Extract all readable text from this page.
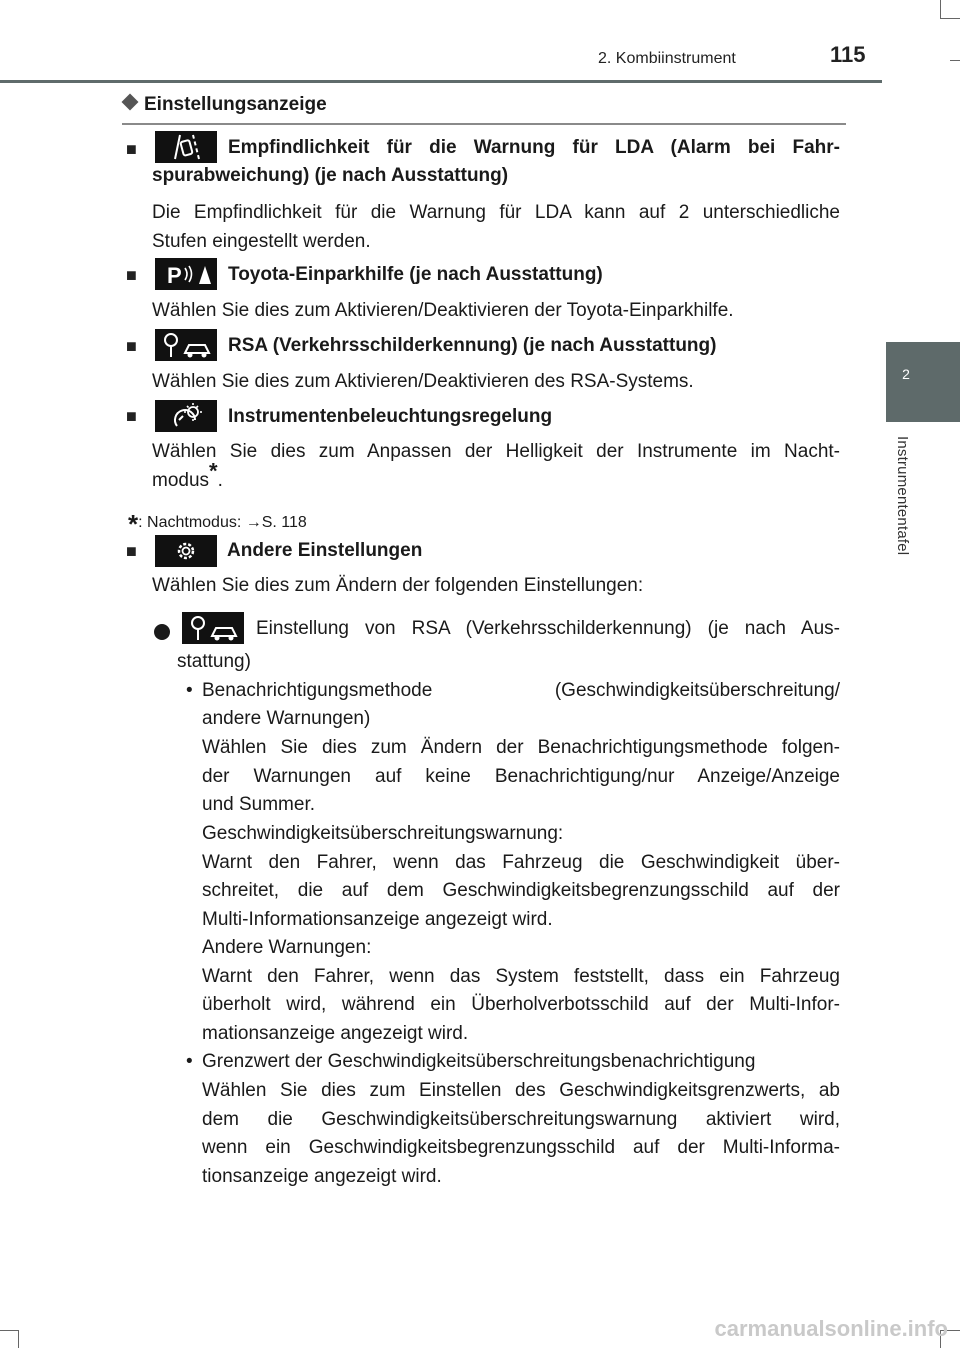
2. Kombiinstrument	115
2
Instrumententafel
Einstellungsanzeige
■	Empfindlichkeit für die Warnung für LDA (Alarm bei Fahr-
spurabweichung) (je nach Ausstattung)
Die Empfindlichkeit für die Warnung für LDA kann auf 2 unterschiedliche
Stufen eingestellt werden.
■ P Toyota-Einparkhilfe (je nach Ausstattung)
Wählen Sie dies zum Aktivieren/Deaktivieren der Toyota-Einparkhilfe.
■	RSA (Verkehrsschilderkennung) (je nach Ausstattung)
Wählen Sie dies zum Aktivieren/Deaktivieren des RSA-Systems.
■	Instrumentenbeleuchtungsregelung
Wählen Sie dies zum Anpassen der Helligkeit der Instrumente im Nacht-
modus*.
*: Nachtmodus: →S. 118
■	Andere Einstellungen
Wählen Sie dies zum Ändern der folgenden Einstellungen:
Einstellung von RSA (Verkehrsschilderkennung) (je nach Aus-
stattung)
• Benachrichtigungsmethode (Geschwindigkeitsüberschreitung/
andere Warnungen)
Wählen Sie dies zum Ändern der Benachrichtigungsmethode folgen-
der Warnungen auf keine Benachrichtigung/nur Anzeige/Anzeige
und Summer.
Geschwindigkeitsüberschreitungswarnung:
Warnt den Fahrer, wenn das Fahrzeug die Geschwindigkeit über-
schreitet, die auf dem Geschwindigkeitsbegrenzungsschild auf der
Multi-Informationsanzeige angezeigt wird.
Andere Warnungen:
Warnt den Fahrer, wenn das System feststellt, dass ein Fahrzeug
überholt wird, während ein Überholverbotsschild auf der Multi-Infor-
mationsanzeige angezeigt wird.
• Grenzwert der Geschwindigkeitsüberschreitungsbenachrichtigung
Wählen Sie dies zum Einstellen des Geschwindigkeitsgrenzwerts, ab
dem die Geschwindigkeitsüberschreitungswarnung aktiviert wird,
wenn ein Geschwindigkeitsbegrenzungsschild auf der Multi-Informa-
tionsanzeige angezeigt wird.
carmanualsonline.info
